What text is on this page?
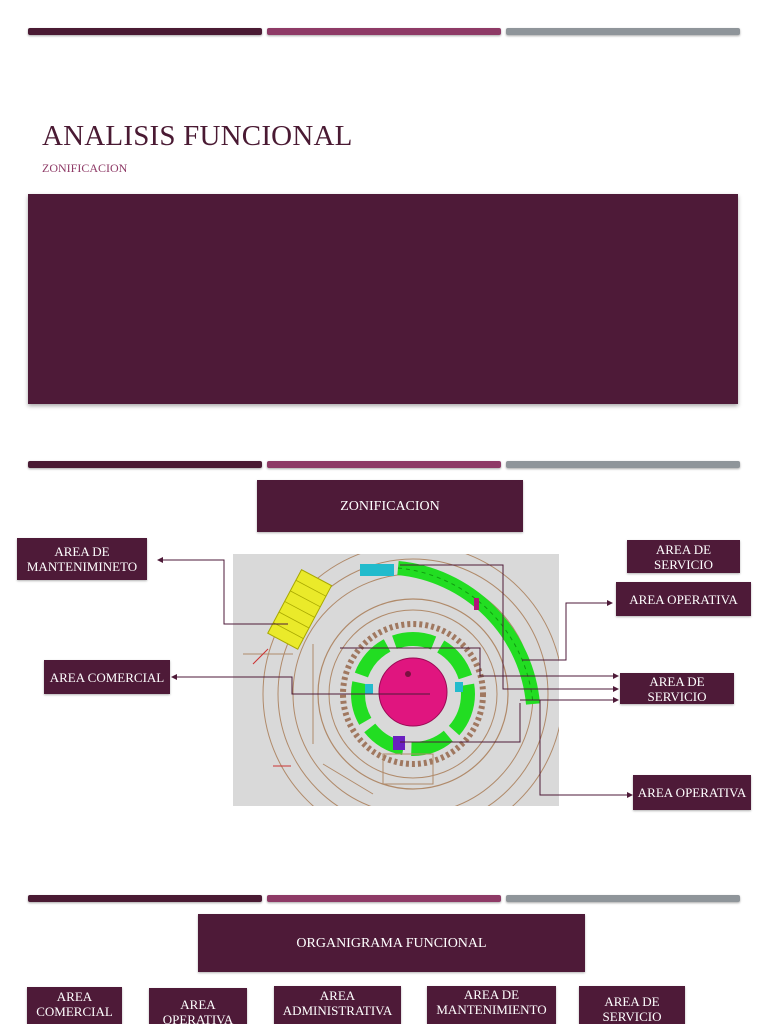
ANALISIS FUNCIONAL
ZONIFICACION
ZONIFICACION
AREA DE MANTENIMINETO
AREA COMERCIAL
AREA DE SERVICIO
AREA OPERATIVA
AREA DE SERVICIO
AREA OPERATIVA
ORGANIGRAMA FUNCIONAL
AREA COMERCIAL	AREA OPERATIVA
AREA ADMINISTRATIVA
AREA DE MANTENIMIENTO
AREA DE SERVICIO
